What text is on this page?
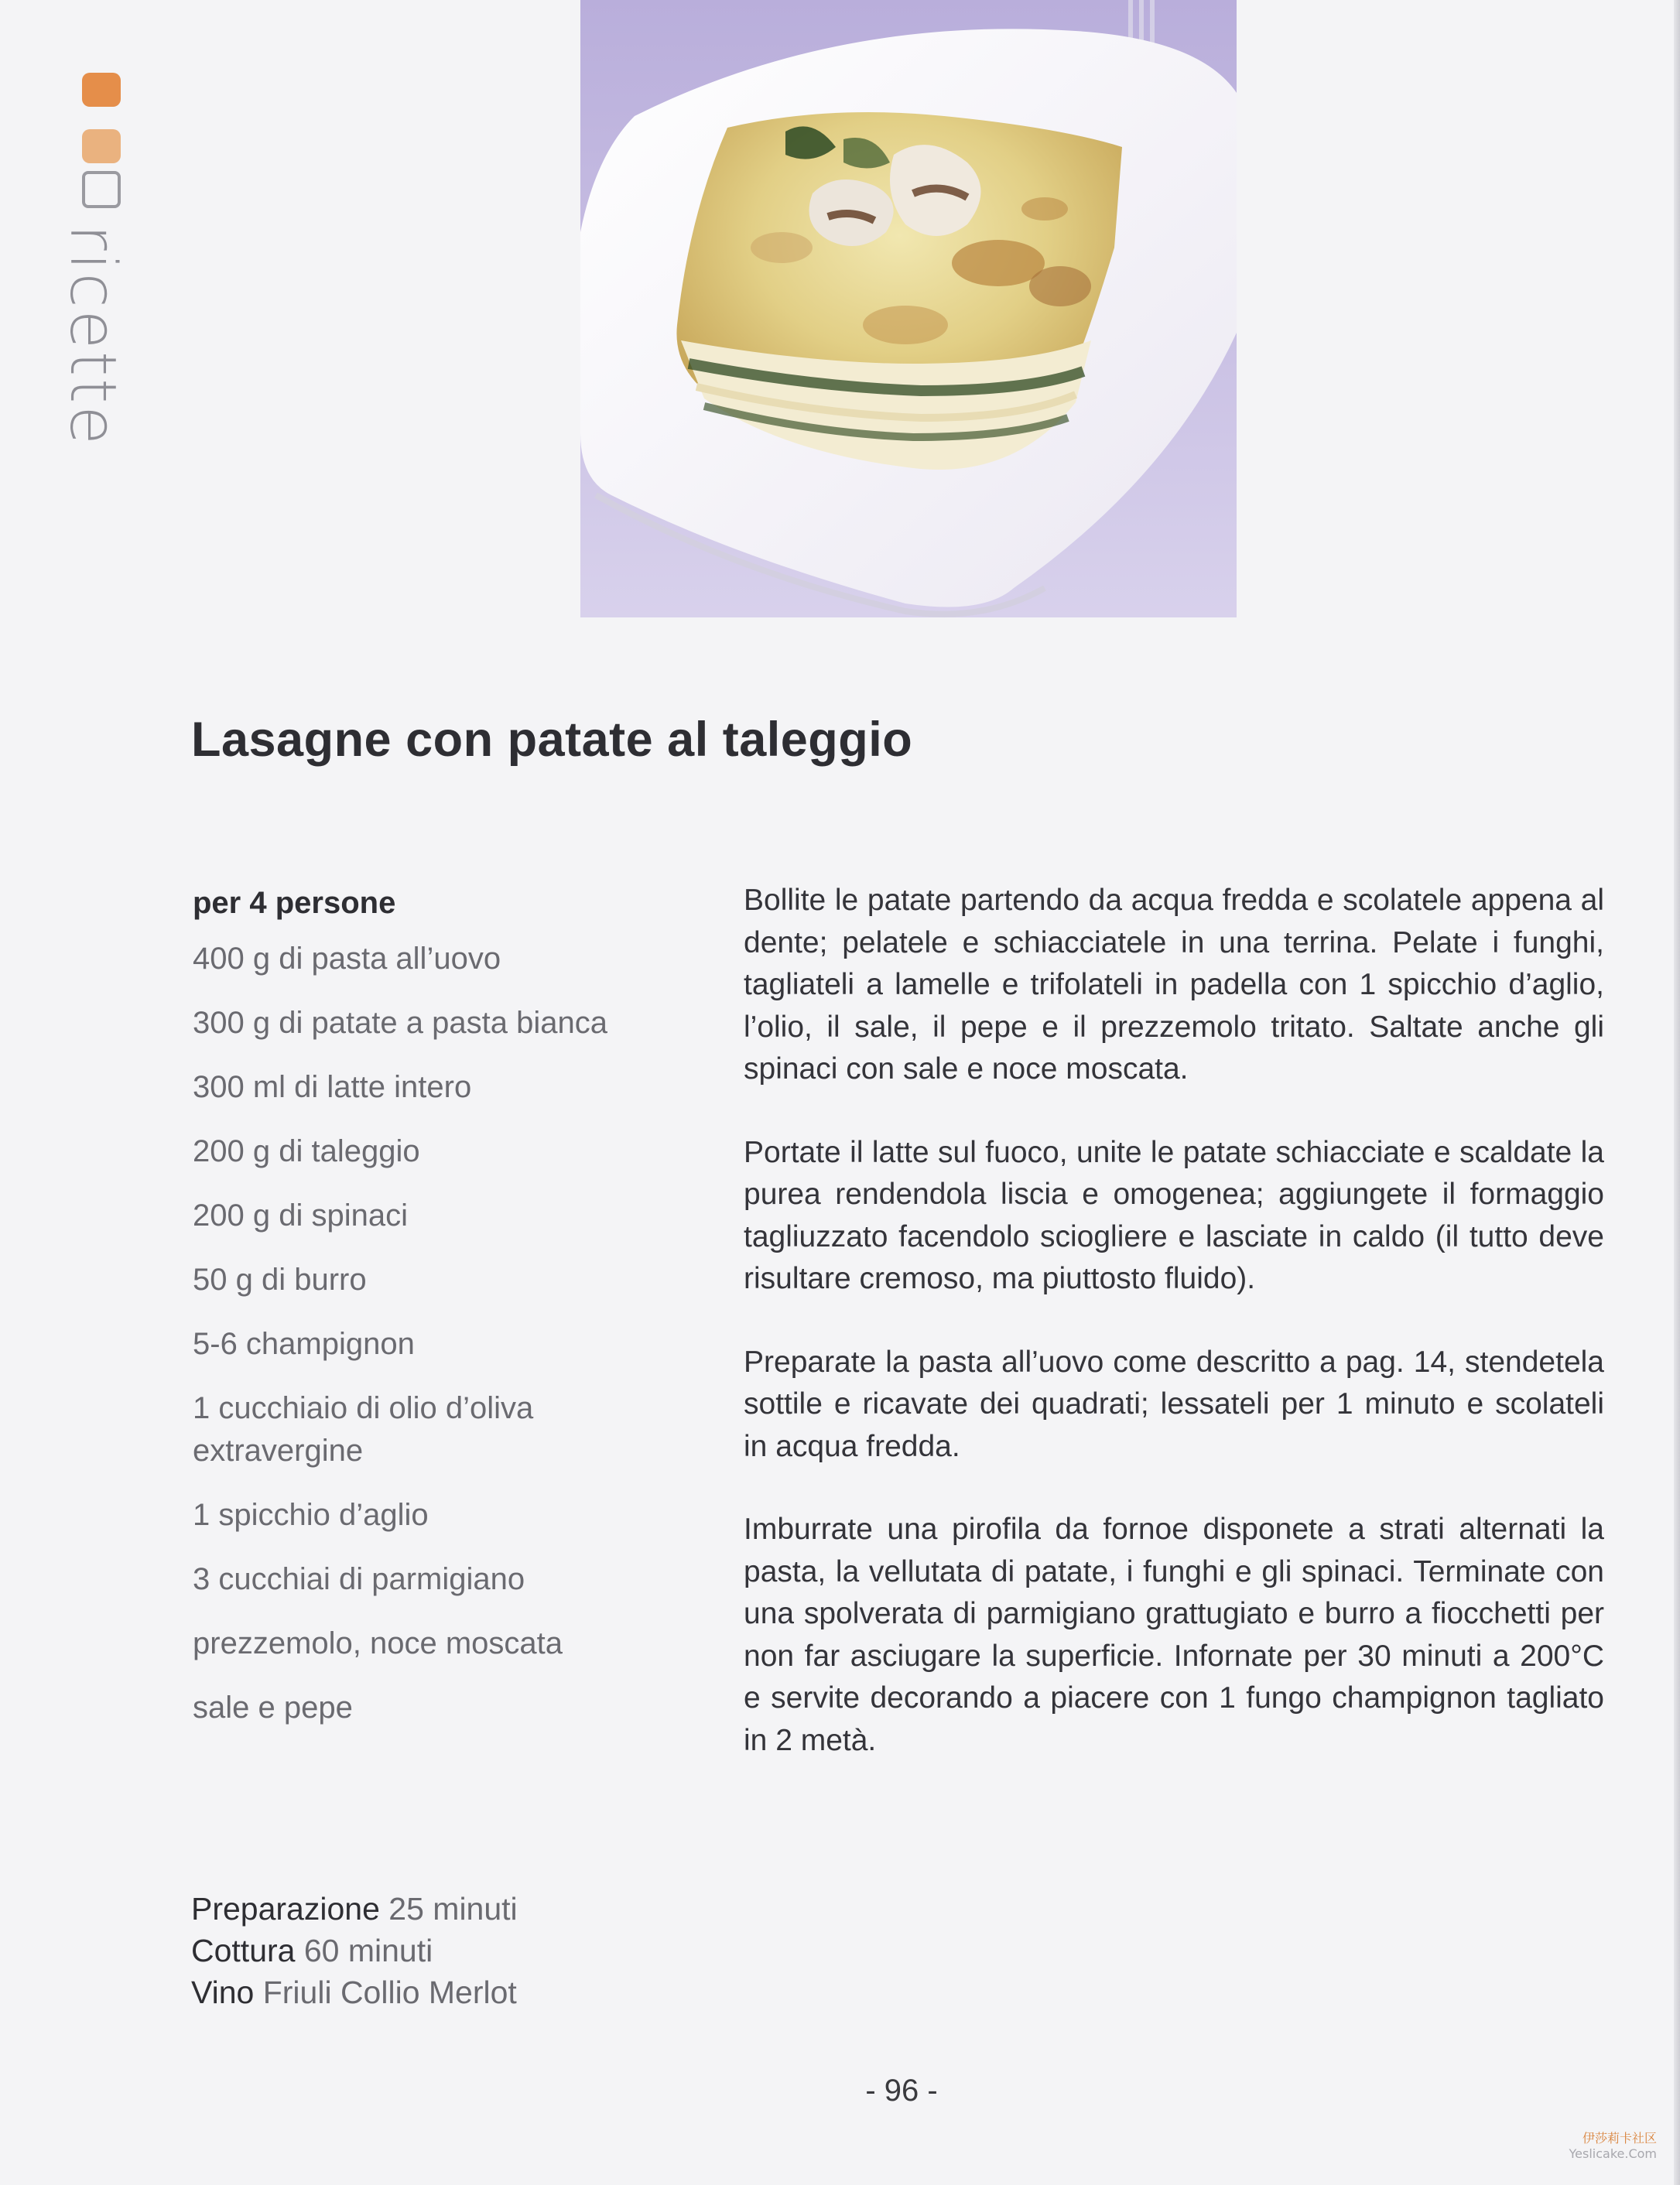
ricette
Lasagne con patate al taleggio
per 4 persone
400 g di pasta all’uovo
300 g di patate a pasta bianca
300 ml di latte intero
200 g di taleggio
200 g di spinaci
50 g di burro
5-6 champignon
1 cucchiaio di olio d’oliva extravergine
1 spicchio d’aglio
3 cucchiai di parmigiano
prezzemolo, noce moscata
sale e pepe

Bollite le patate partendo da acqua fredda e scolatele appena al dente; pelatele e schiacciatele in una terrina. Pelate i funghi, tagliateli a lamelle e trifolateli in padella con 1 spicchio d’aglio, l’olio, il sale, il pepe e il prezzemolo tritato. Saltate anche gli spinaci con sale e noce moscata.

Portate il latte sul fuoco, unite le patate schiacciate e scaldate la purea rendendola liscia e omogenea; aggiungete il formaggio tagliuzzato facendolo sciogliere e lasciate in caldo (il tutto deve risultare cremoso, ma piuttosto fluido).

Preparate la pasta all’uovo come descritto a pag. 14, stendetela sottile e ricavate dei quadrati; lessateli per 1 minuto e scolateli in acqua fredda.

Imburrate una pirofila da fornoe disponete a strati alternati la pasta, la vellutata di patate, i funghi e gli spinaci. Terminate con una spolverata di parmigiano grattugiato e burro a fiocchetti per non far asciugare la superficie. Infornate per 30 minuti a 200°C e servite decorando a piacere con 1 fungo champignon tagliato in 2 metà.

Preparazione 25 minuti
Cottura 60 minuti
Vino Friuli Collio Merlot
- 96 -
伊莎莉卡社区
Yeslicake.Com
